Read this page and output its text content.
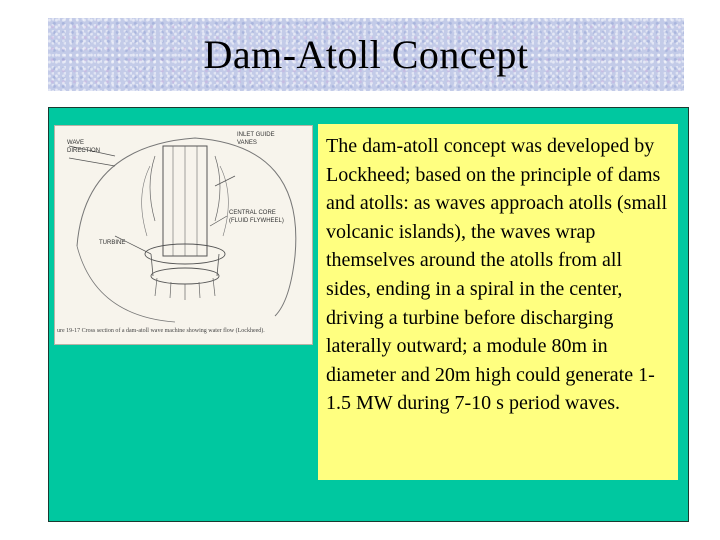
Dam-Atoll Concept
WAVE
DIRECTION
INLET GUIDE
VANES
CENTRAL CORE
(FLUID FLYWHEEL)
TURBINE
ure 19-17 Cross section of a dam-atoll wave machine showing water flow (Lockheed).

The dam-atoll concept was developed by Lockheed; based on the principle of dams and atolls: as waves approach atolls (small volcanic islands), the waves wrap themselves around the atolls from all sides, ending in a spiral in the center, driving a turbine before discharging laterally outward; a module 80m in diameter and 20m high could generate 1-1.5 MW during 7-10 s period waves.
